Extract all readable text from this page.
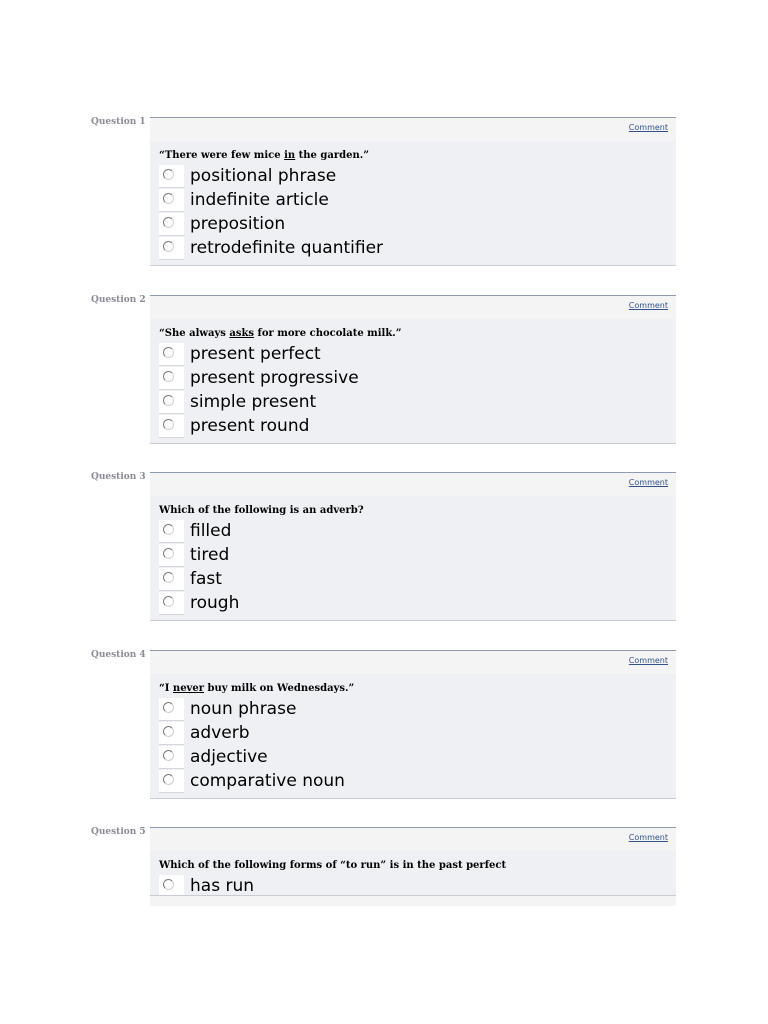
Question 1
Comment
“There were few mice in the garden.”
positional phrase
indefinite article
preposition
retrodefinite quantifier
Question 2
Comment
“She always asks for more chocolate milk.”
present perfect
present progressive
simple present
present round
Question 3
Comment
Which of the following is an adverb?
filled
tired
fast
rough
Question 4
Comment
“I never buy milk on Wednesdays.”
noun phrase
adverb
adjective
comparative noun
Question 5
Comment
Which of the following forms of “to run” is in the past perfect
has run
